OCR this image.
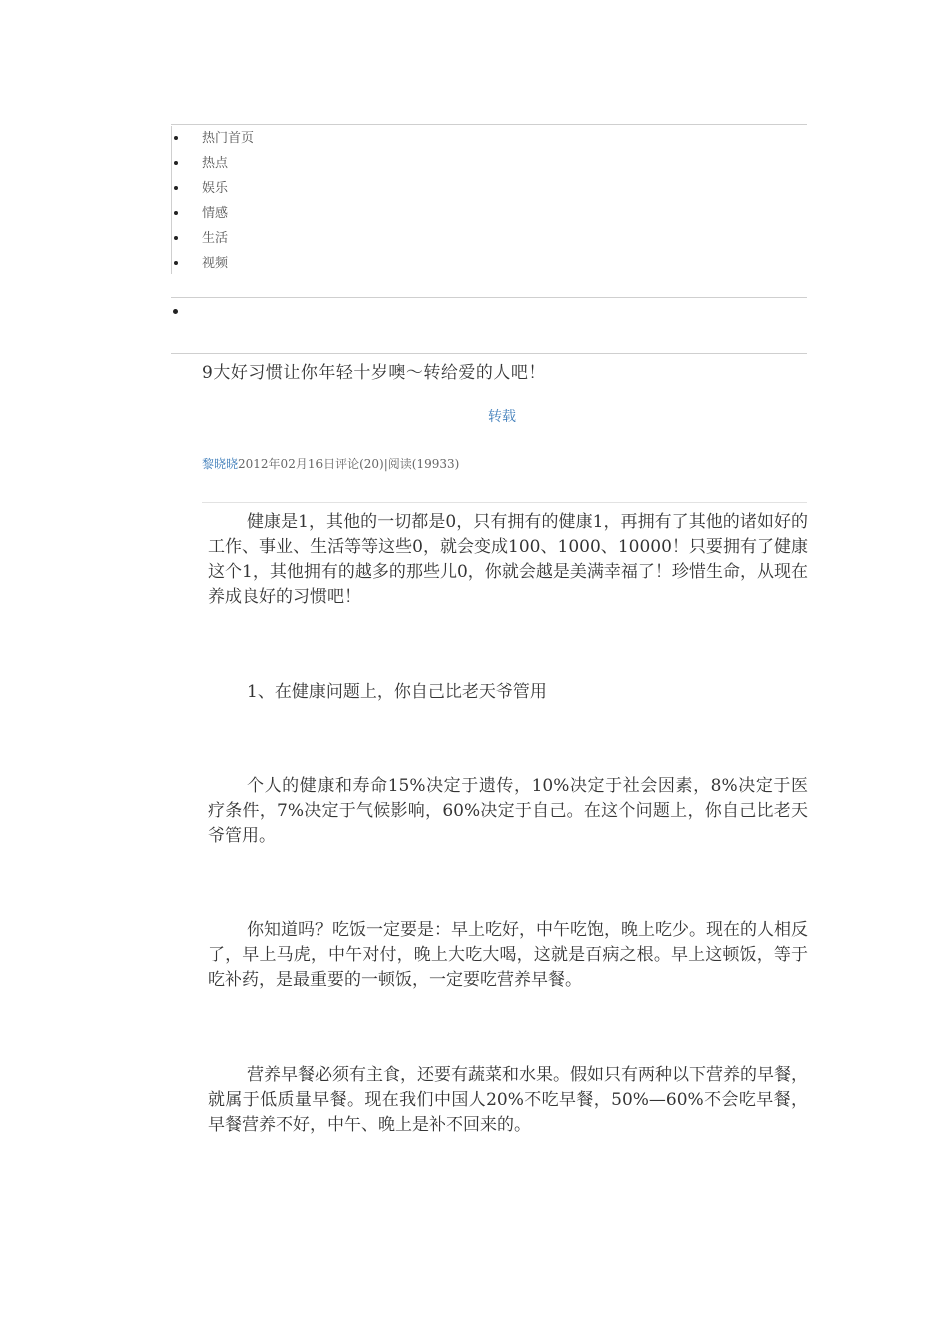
热门首页
热点
娱乐
情感
生活
视频
9大好习惯让你年轻十岁噢～转给爱的人吧！
转载
黎晓晓2012年02月16日评论(20)|阅读(19933)

健康是1，其他的一切都是0，只有拥有的健康1，再拥有了其他的诸如好的工作、事业、生活等等这些0，就会变成100、1000、10000！只要拥有了健康这个1，其他拥有的越多的那些儿0，你就会越是美满幸福了！珍惜生命，从现在养成良好的习惯吧！

1、在健康问题上，你自己比老天爷管用

个人的健康和寿命15%决定于遗传，10%决定于社会因素，8%决定于医疗条件，7%决定于气候影响，60%决定于自己。在这个问题上，你自己比老天爷管用。

你知道吗？吃饭一定要是：早上吃好，中午吃饱，晚上吃少。现在的人相反了，早上马虎，中午对付，晚上大吃大喝，这就是百病之根。早上这顿饭，等于吃补药，是最重要的一顿饭，一定要吃营养早餐。

营养早餐必须有主食，还要有蔬菜和水果。假如只有两种以下营养的早餐，就属于低质量早餐。现在我们中国人20%不吃早餐，50%—60%不会吃早餐，早餐营养不好，中午、晚上是补不回来的。
